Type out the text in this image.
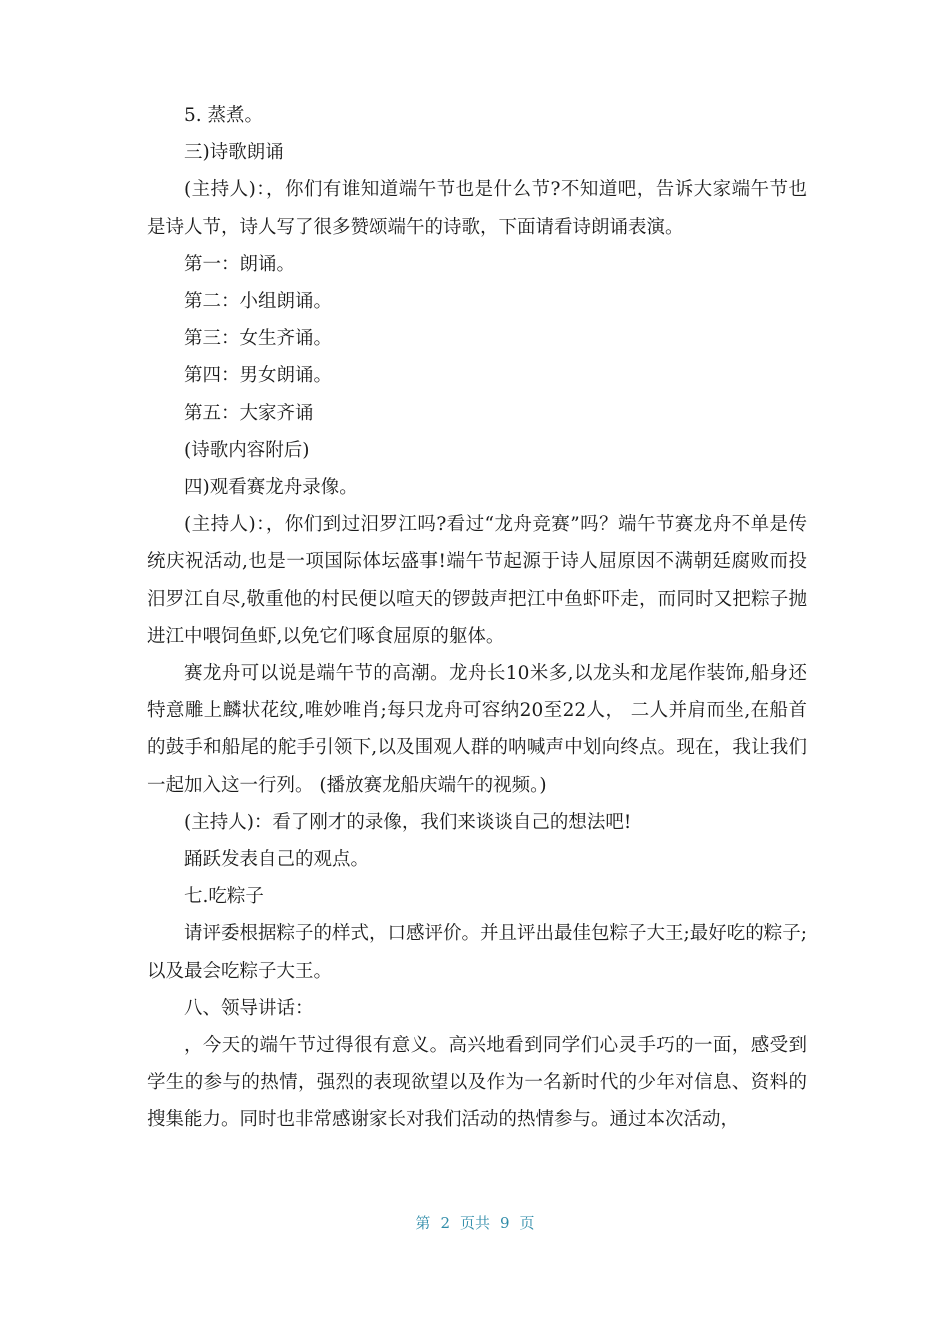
5. 蒸煮。

三)诗歌朗诵

(主持人)：，你们有谁知道端午节也是什么节?不知道吧，告诉大家端午节也是诗人节，诗人写了很多赞颂端午的诗歌，下面请看诗朗诵表演。

第一：朗诵。

第二：小组朗诵。

第三：女生齐诵。

第四：男女朗诵。

第五：大家齐诵

(诗歌内容附后)

四)观看赛龙舟录像。

(主持人)：，你们到过汨罗江吗?看过“龙舟竞赛”吗？端午节赛龙舟不单是传统庆祝活动,也是一项国际体坛盛事!端午节起源于诗人屈原因不满朝廷腐败而投汨罗江自尽,敬重他的村民便以喧天的锣鼓声把江中鱼虾吓走，而同时又把粽子抛进江中喂饲鱼虾,以免它们啄食屈原的躯体。

赛龙舟可以说是端午节的高潮。龙舟长10米多,以龙头和龙尾作装饰,船身还特意雕上麟状花纹,唯妙唯肖;每只龙舟可容纳20至22人， 二人并肩而坐,在船首的鼓手和船尾的舵手引领下,以及围观人群的呐喊声中划向终点。现在，我让我们一起加入这一行列。 (播放赛龙船庆端午的视频。)

(主持人)：看了刚才的录像，我们来谈谈自己的想法吧!

踊跃发表自己的观点。

七.吃粽子

请评委根据粽子的样式，口感评价。并且评出最佳包粽子大王;最好吃的粽子;以及最会吃粽子大王。

八、领导讲话：

，今天的端午节过得很有意义。高兴地看到同学们心灵手巧的一面，感受到学生的参与的热情，强烈的表现欲望以及作为一名新时代的少年对信息、资料的搜集能力。同时也非常感谢家长对我们活动的热情参与。通过本次活动，

第 2 页共 9 页
